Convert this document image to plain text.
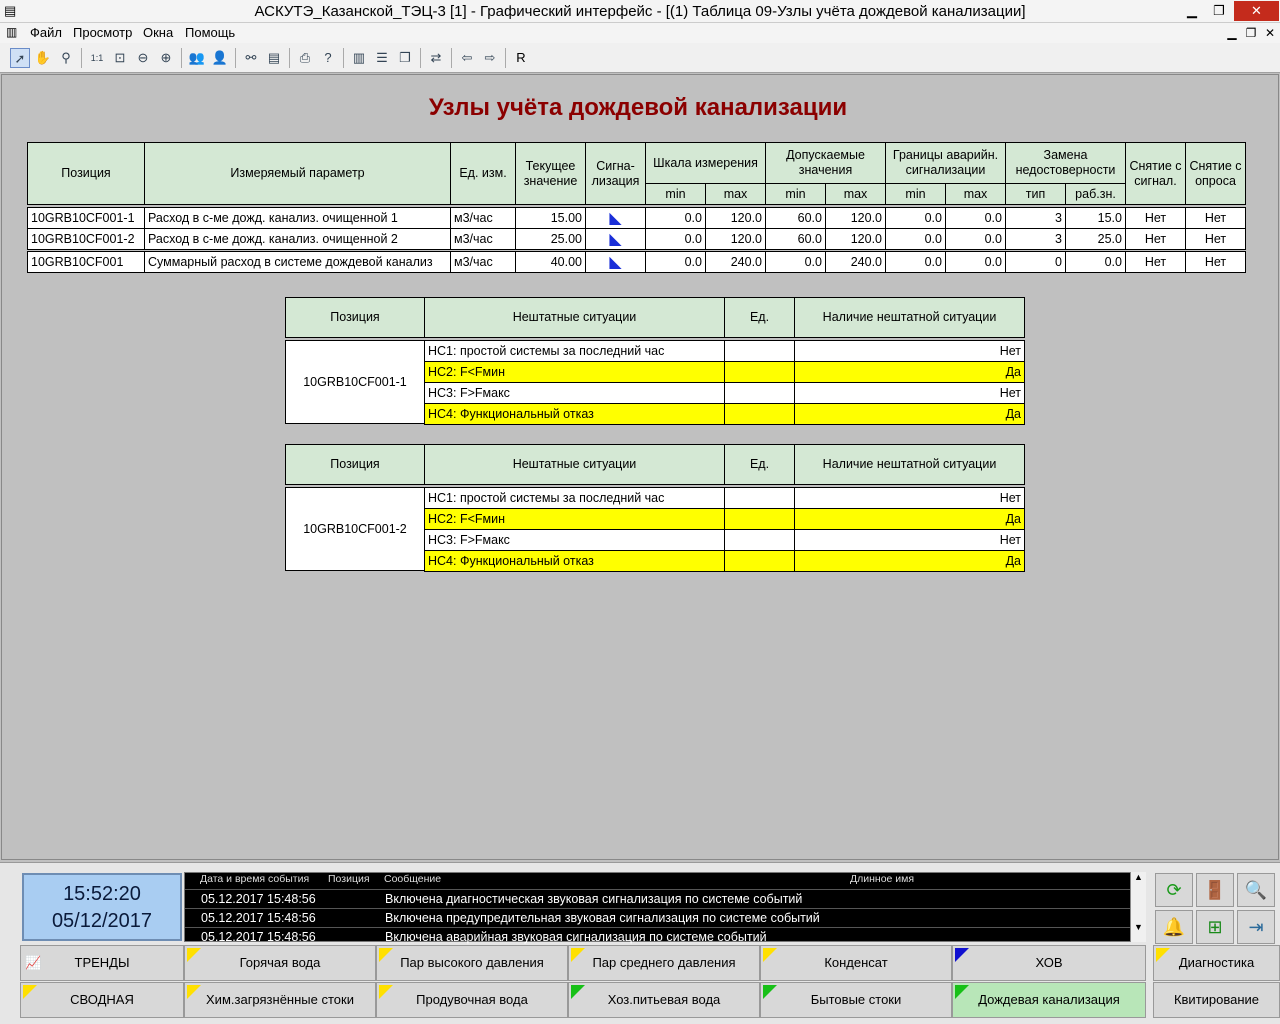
▤	АСКУТЭ_Казанской_ТЭЦ-3 [1] - Графический интерфейс - [(1) Таблица 09-Узлы учёта дождевой канализации]	▁	❐	✕
▥ Файл Просмотр Окна Помощь	▁ ❐ ✕
➚ ✋ ⚲	1:1 ⊡ ⊖ ⊕	👥 👤	⚯ ▤	⎙	?	▥ ☰ ❐	⇄	⇦ ⇨	R
Узлы учёта дождевой канализации
Позиция	Измеряемый параметр	Ед. изм.
Текущее значение
Сигна-лизация
Шкала измерения
Допускаемые значения
Границы аварийн. сигнализации
Замена недостоверности	Снятие с сигнал.
Снятие с опроса
min	max	min	max	min	max	тип	раб.зн.
10GRB10CF001-1	Расход в с-ме дожд. канализ. очищенной 1	м3/час	15.00 ◣	0.0	120.0	60.0	120.0	0.0	0.0	3	15.0	Нет	Нет
10GRB10CF001-2	Расход в с-ме дожд. канализ. очищенной 2	м3/час	25.00 ◣	0.0	120.0	60.0	120.0	0.0	0.0	3	25.0	Нет	Нет
10GRB10CF001	Суммарный расход в системе дождевой канализ	м3/час	40.00 ◣	0.0	240.0	0.0	240.0	0.0	0.0	0	0.0	Нет	Нет
Позиция	Нештатные ситуации	Ед.	Наличие нештатной ситуации
10GRB10CF001-1
НС1: простой системы за последний час	Нет
НС2: F<Fмин	Да
НС3: F>Fмакс	Нет
НС4: Функциональный отказ	Да
Позиция	Нештатные ситуации	Ед.	Наличие нештатной ситуации
10GRB10CF001-2
НС1: простой системы за последний час	Нет
НС2: F<Fмин	Да
НС3: F>Fмакс	Нет
НС4: Функциональный отказ	Да
15:52:20
05/12/2017
Дата и время события Позиция Сообщение	Длинное имя
05.12.2017 15:48:56	Включена диагностическая звуковая сигнализация по системе событий
05.12.2017 15:48:56	Включена предупредительная звуковая сигнализация по системе событий
05.12.2017 15:48:56	Включена аварийная звуковая сигнализация по системе событий
▲
▼
⟳	🚪	🔍
🔔	⊞	⇥
📈	ТРЕНДЫ	Горячая вода	Пар высокого давления	Пар среднего давления	Конденсат	ХОВ	Диагностика
СВОДНАЯ	Хим.загрязнённые стоки	Продувочная вода	Хоз.питьевая вода	Бытовые стоки	Дождевая канализация	Квитирование
